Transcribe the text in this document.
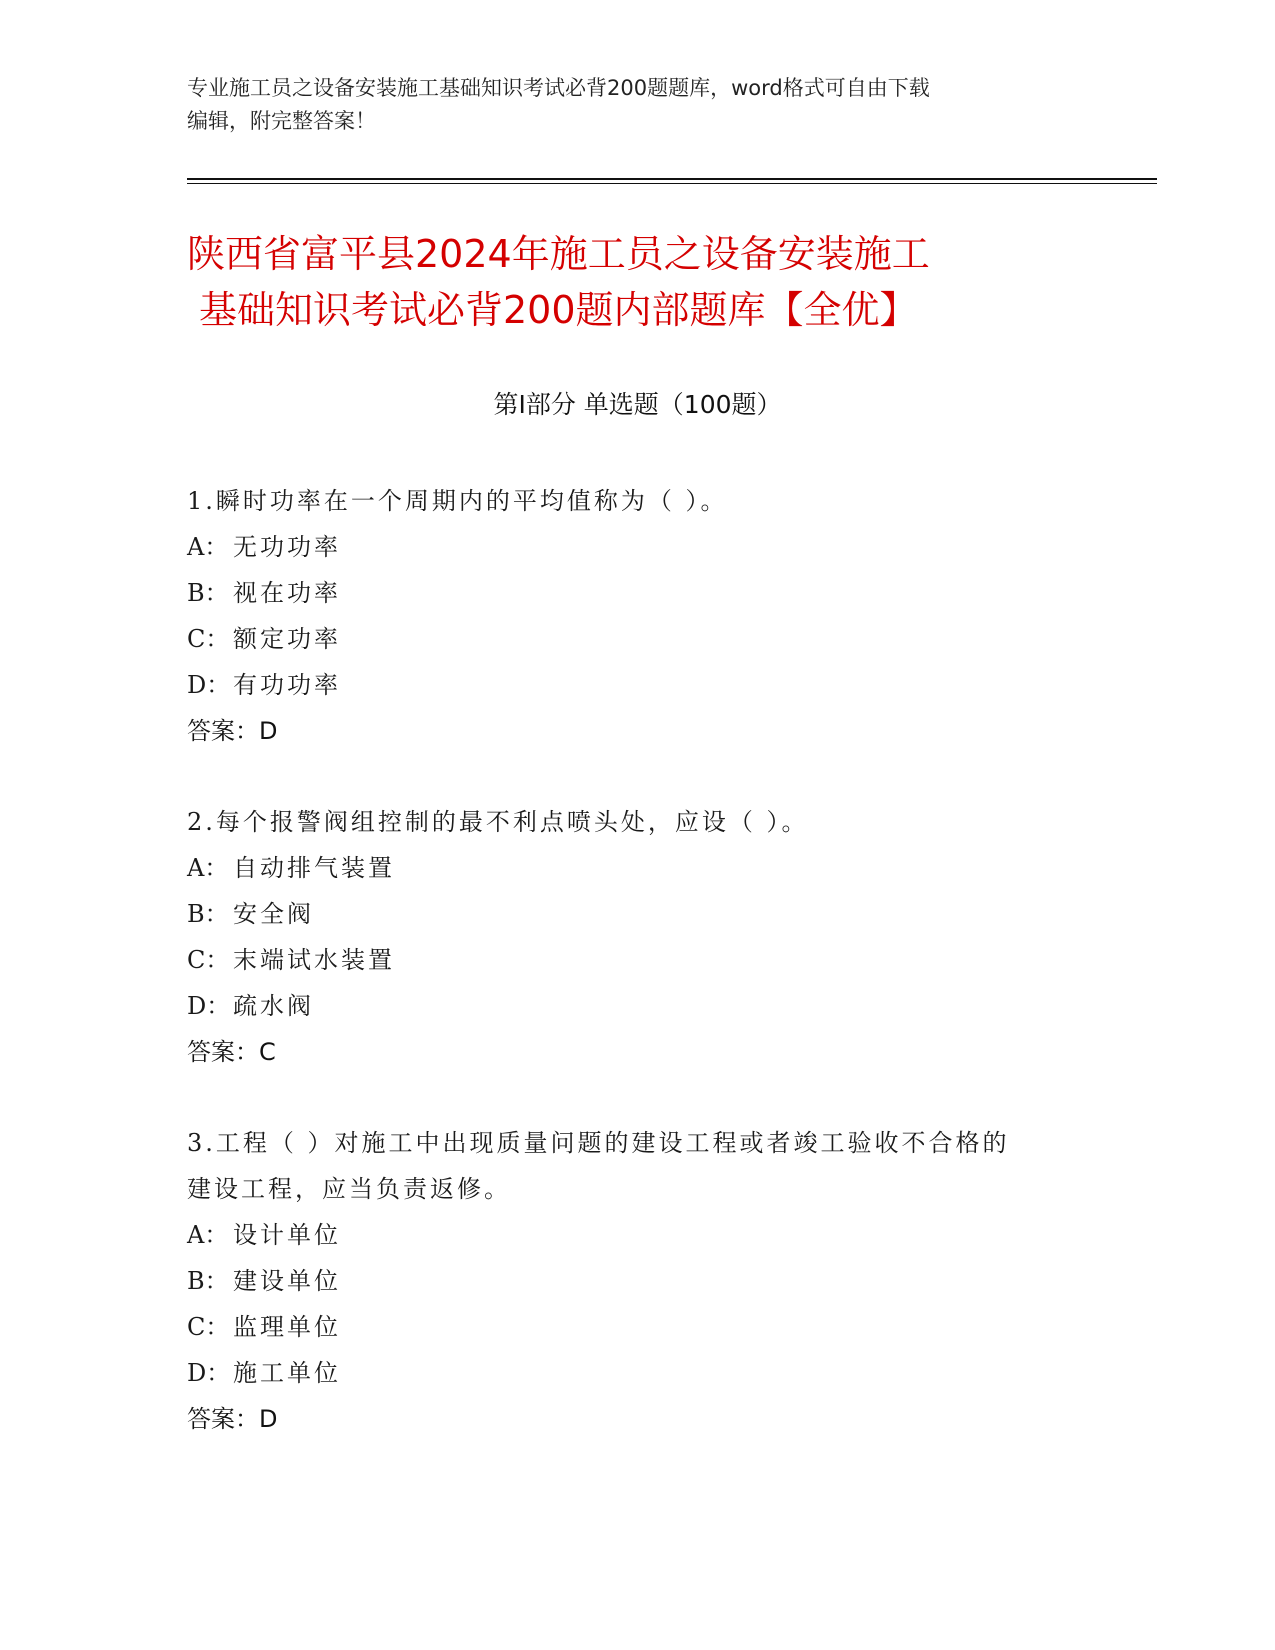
专业施工员之设备安装施工基础知识考试必背200题题库，word格式可自由下载
编辑，附完整答案！
陕西省富平县2024年施工员之设备安装施工
基础知识考试必背200题内部题库【全优】
第Ⅰ部分 单选题（100题）
1.瞬时功率在一个周期内的平均值称为（ ）。
A： 无功功率
B： 视在功率
C： 额定功率
D： 有功功率
答案：D
2.每个报警阀组控制的最不利点喷头处，应设（ ）。
A： 自动排气装置
B： 安全阀
C： 末端试水装置
D： 疏水阀
答案：C
3.工程（ ）对施工中出现质量问题的建设工程或者竣工验收不合格的
建设工程，应当负责返修。
A： 设计单位
B： 建设单位
C： 监理单位
D： 施工单位
答案：D
